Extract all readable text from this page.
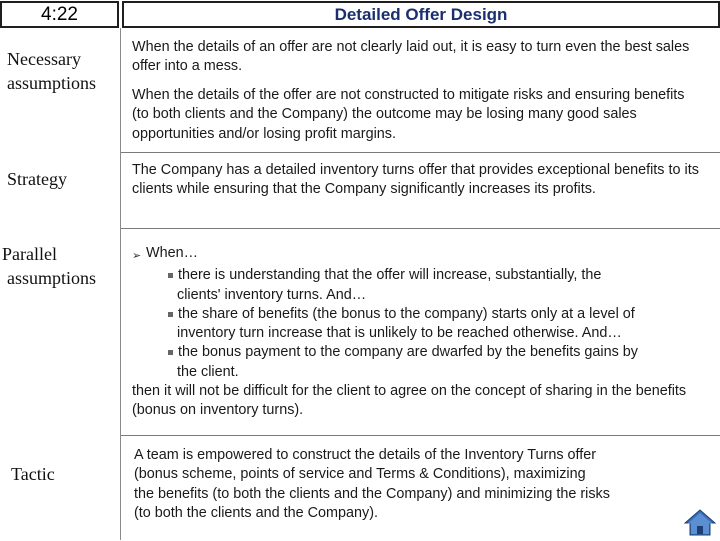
4:22	Detailed Offer Design
Necessary
assumptions

When the details of an offer are not clearly laid out, it is easy to turn even the best sales offer into a mess.

When the details of the offer are not constructed to mitigate risks and ensuring benefits (to both clients and the Company) the outcome may be losing many good sales opportunities and/or losing profit margins.

Strategy	The Company has a detailed inventory turns offer that provides exceptional benefits to its clients while ensuring that the Company significantly increases its profits.

Parallel
assumptions
➢ When…
there is understanding that the offer will increase, substantially, the
clients' inventory turns. And…
the share of benefits (the bonus to the company) starts only at a level of
inventory turn increase that is unlikely to be reached otherwise. And…
the bonus payment to the company are dwarfed by the benefits gains by
the client.

then it will not be difficult for the client to agree on the concept of sharing in the benefits (bonus on inventory turns).

Tactic
A team is empowered to construct the details of the Inventory Turns offer
(bonus scheme, points of service and Terms & Conditions), maximizing
the benefits (to both the clients and the Company) and minimizing the risks
(to both the clients and the Company).
